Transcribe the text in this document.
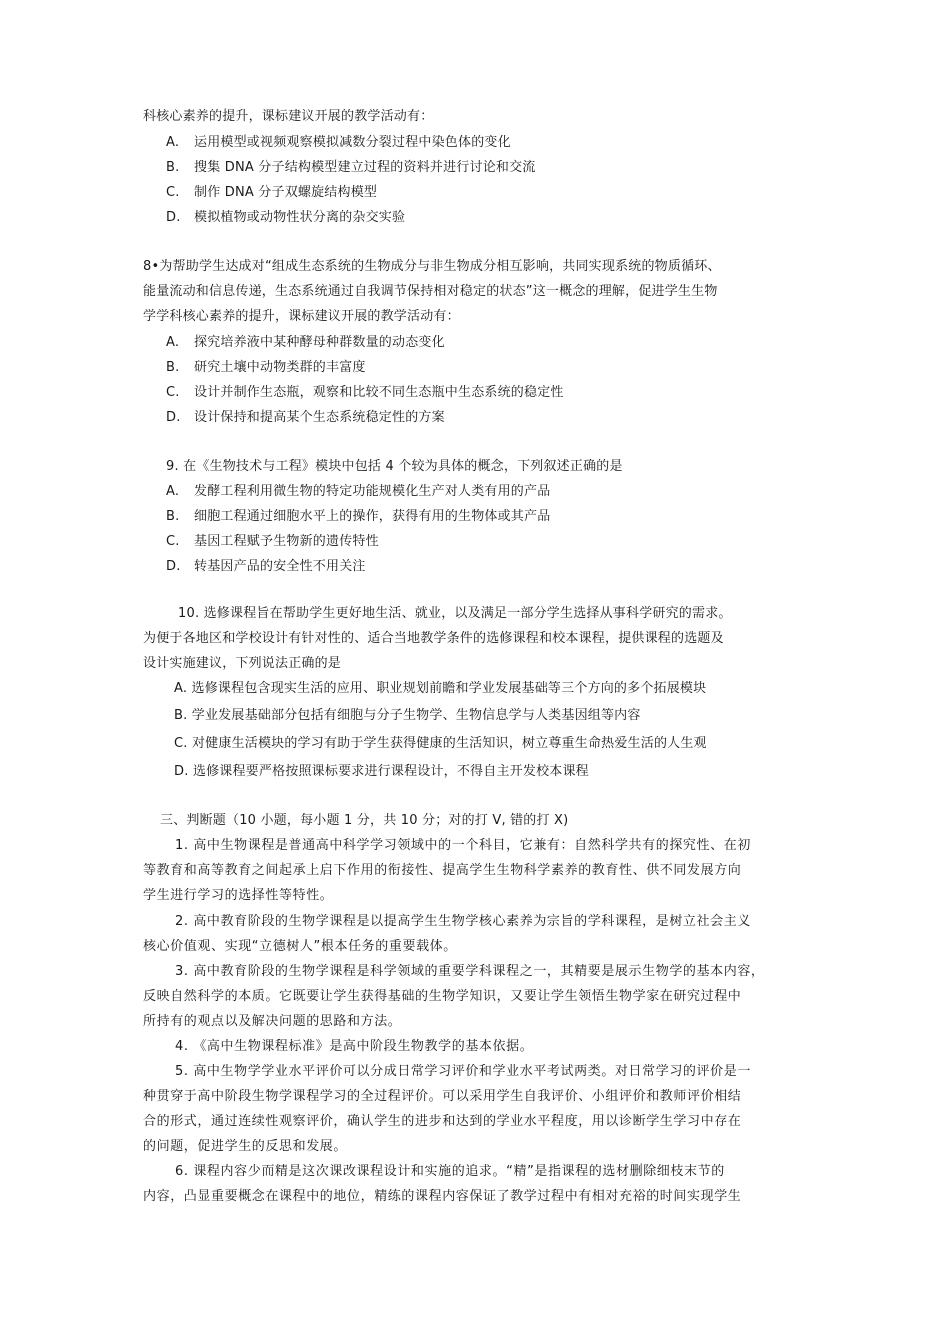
科核心素养的提升，课标建议开展的教学活动有：
A. 运用模型或视频观察模拟减数分裂过程中染色体的变化
B. 搜集 DNA 分子结构模型建立过程的资料并进行讨论和交流
C. 制作 DNA 分子双螺旋结构模型
D. 模拟植物或动物性状分离的杂交实验
8•为帮助学生达成对“组成生态系统的生物成分与非生物成分相互影响，共同实现系统的物质循环、
能量流动和信息传递，生态系统通过自我调节保持相对稳定的状态”这一概念的理解，促进学生生物
学学科核心素养的提升，课标建议开展的教学活动有：
A. 探究培养液中某种酵母种群数量的动态变化
B. 研究土壤中动物类群的丰富度
C. 设计并制作生态瓶，观察和比较不同生态瓶中生态系统的稳定性
D. 设计保持和提高某个生态系统稳定性的方案
9. 在《生物技术与工程》模块中包括 4 个较为具体的概念，下列叙述正确的是
A. 发酵工程利用微生物的特定功能规模化生产对人类有用的产品
B. 细胞工程通过细胞水平上的操作，获得有用的生物体或其产品
C. 基因工程赋予生物新的遗传特性
D. 转基因产品的安全性不用关注
10. 选修课程旨在帮助学生更好地生活、就业，以及满足一部分学生选择从事科学研究的需求。
为便于各地区和学校设计有针对性的、适合当地教学条件的选修课程和校本课程，提供课程的选题及
设计实施建议，下列说法正确的是
A. 选修课程包含现实生活的应用、职业规划前瞻和学业发展基础等三个方向的多个拓展模块
B. 学业发展基础部分包括有细胞与分子生物学、生物信息学与人类基因组等内容
C. 对健康生活模块的学习有助于学生获得健康的生活知识，树立尊重生命热爱生活的人生观
D. 选修课程要严格按照课标要求进行课程设计，不得自主开发校本课程
三、判断题（10 小题，每小题 1 分，共 10 分；对的打 V, 错的打 X)
1. 高中生物课程是普通高中科学学习领域中的一个科目，它兼有：自然科学共有的探究性、在初
等教育和高等教育之间起承上启下作用的衔接性、提高学生生物科学素养的教育性、供不同发展方向
学生进行学习的选择性等特性。
2. 高中教育阶段的生物学课程是以提高学生生物学核心素养为宗旨的学科课程，是树立社会主义
核心价值观、实现“立德树人”根本任务的重要载体。
3. 高中教育阶段的生物学课程是科学领域的重要学科课程之一，其精要是展示生物学的基本内容，
反映自然科学的本质。它既要让学生获得基础的生物学知识，又要让学生领悟生物学家在研究过程中
所持有的观点以及解决问题的思路和方法。
4. 《高中生物课程标准》是高中阶段生物教学的基本依据。
5. 高中生物学学业水平评价可以分成日常学习评价和学业水平考试两类。对日常学习的评价是一
种贯穿于高中阶段生物学课程学习的全过程评价。可以采用学生自我评价、小组评价和教师评价相结
合的形式，通过连续性观察评价，确认学生的进步和达到的学业水平程度，用以诊断学生学习中存在
的问题，促进学生的反思和发展。
6. 课程内容少而精是这次课改课程设计和实施的追求。“精”是指课程的选材删除细枝末节的
内容，凸显重要概念在课程中的地位，精练的课程内容保证了教学过程中有相对充裕的时间实现学生
